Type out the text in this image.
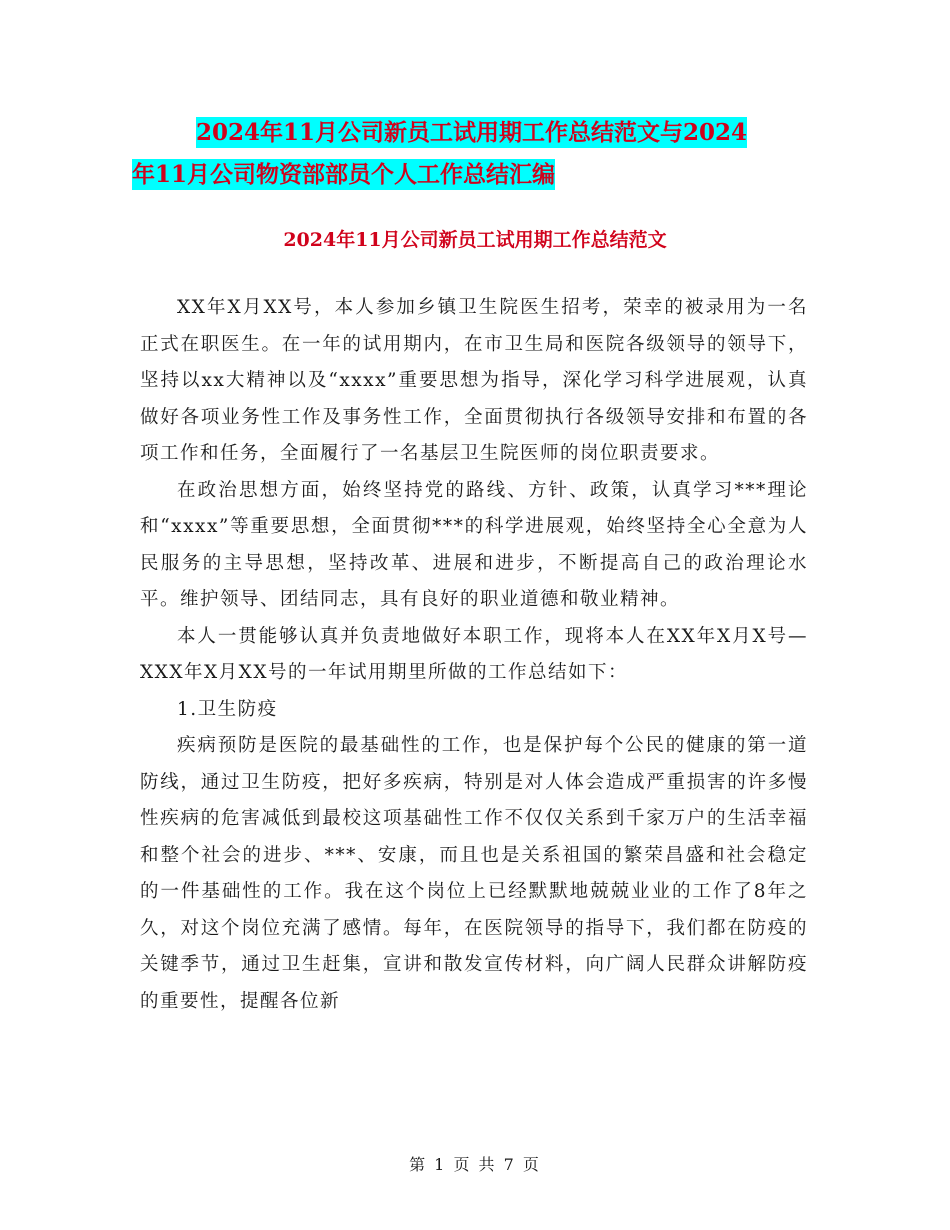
2024年11月公司新员工试用期工作总结范文与2024
年11月公司物资部部员个人工作总结汇编
2024年11月公司新员工试用期工作总结范文

XX年X月XX号，本人参加乡镇卫生院医生招考，荣幸的被录用为一名正式在职医生。在一年的试用期内，在市卫生局和医院各级领导的领导下，坚持以xx大精神以及“xxxx”重要思想为指导，深化学习科学进展观，认真做好各项业务性工作及事务性工作，全面贯彻执行各级领导安排和布置的各项工作和任务，全面履行了一名基层卫生院医师的岗位职责要求。

在政治思想方面，始终坚持党的路线、方针、政策，认真学习***理论和“xxxx”等重要思想，全面贯彻***的科学进展观，始终坚持全心全意为人民服务的主导思想，坚持改革、进展和进步，不断提高自己的政治理论水平。维护领导、团结同志，具有良好的职业道德和敬业精神。

本人一贯能够认真并负责地做好本职工作，现将本人在XX年X月X号—XXX年X月XX号的一年试用期里所做的工作总结如下：

1.卫生防疫

疾病预防是医院的最基础性的工作，也是保护每个公民的健康的第一道防线，通过卫生防疫，把好多疾病，特别是对人体会造成严重损害的许多慢性疾病的危害减低到最校这项基础性工作不仅仅关系到千家万户的生活幸福和整个社会的进步、***、安康，而且也是关系祖国的繁荣昌盛和社会稳定的一件基础性的工作。我在这个岗位上已经默默地兢兢业业的工作了8年之久，对这个岗位充满了感情。每年，在医院领导的指导下，我们都在防疫的关键季节，通过卫生赶集，宣讲和散发宣传材料，向广阔人民群众讲解防疫的重要性，提醒各位新

第 1 页 共 7 页
